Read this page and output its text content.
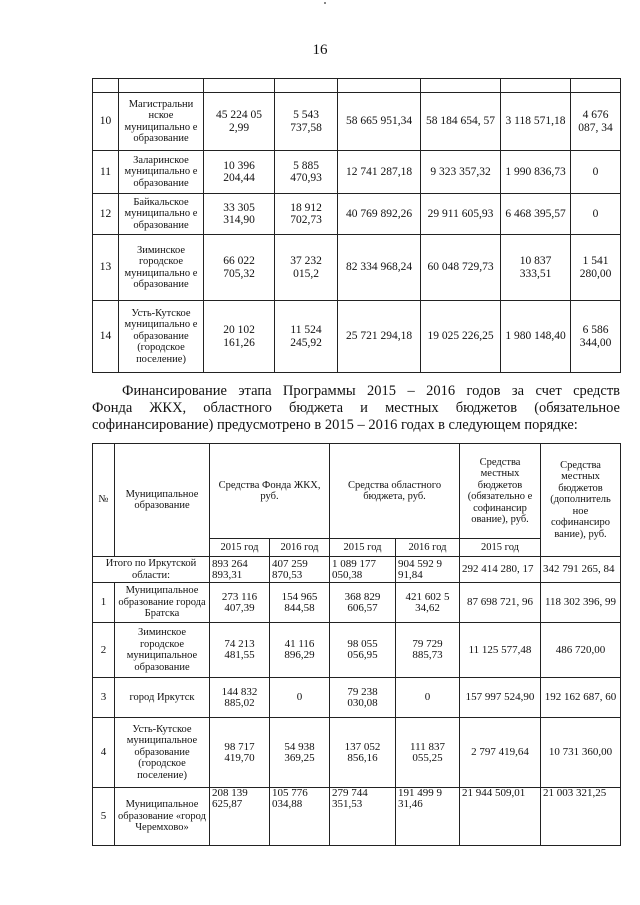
16

10	Магистральни нское муниципально е образование	45 224 05 2,99	5 543 737,58	58 665 951,34	58 184 654, 57	3 118 571,18	4 676 087, 34
11	Заларинское муниципально е образование	10 396 204,44	5 885 470,93	12 741 287,18	9 323 357,32	1 990 836,73	0
12	Байкальское муниципально е образование	33 305 314,90	18 912 702,73	40 769 892,26	29 911 605,93	6 468 395,57	0
13	Зиминское городское муниципально е образование	66 022 705,32	37 232 015,2	82 334 968,24	60 048 729,73	10 837 333,51	1 541 280,00
14	Усть-Кутское муниципально е образование (городское поселение)	20 102 161,26	11 524 245,92	25 721 294,18	19 025 226,25	1 980 148,40	6 586 344,00
Финансирование этапа Программы 2015 – 2016 годов за счет средств
Фонда ЖКХ, областного бюджета и местных бюджетов (обязательное
софинансирование) предусмотрено в 2015 – 2016 годах в следующем порядке:
№	Муниципальное образование	Средства Фонда ЖКХ, руб.		Средства областного бюджета, руб.		Средства местных бюджетов (обязательно е софинансир ование), руб.	Средства местных бюджетов (дополнитель ное софинансиро вание), руб.
		2015 год	2016 год	2015 год	2016 год	2015 год	
Итого по Иркутской области:		893 264 893,31	407 259 870,53	1 089 177 050,38	904 592 9 91,84	292 414 280, 17	342 791 265, 84
1	Муниципальное образование города Братска	273 116 407,39	154 965 844,58	368 829 606,57	421 602 5 34,62	87 698 721, 96	118 302 396, 99
2	Зиминское городское муниципальное образование	74 213 481,55	41 116 896,29	98 055 056,95	79 729 885,73	11 125 577,48	486 720,00
3	город Иркутск	144 832 885,02	0	79 238 030,08	0	157 997 524,90	192 162 687, 60
4	Усть-Кутское муниципальное образование (городское поселение)	98 717 419,70	54 938 369,25	137 052 856,16	111 837 055,25	2 797 419,64	10 731 360,00
5	Муниципальное образование «город Черемхово»	208 139 625,87	105 776 034,88	279 744 351,53	191 499 9 31,46	21 944 509,01	21 003 321,25
